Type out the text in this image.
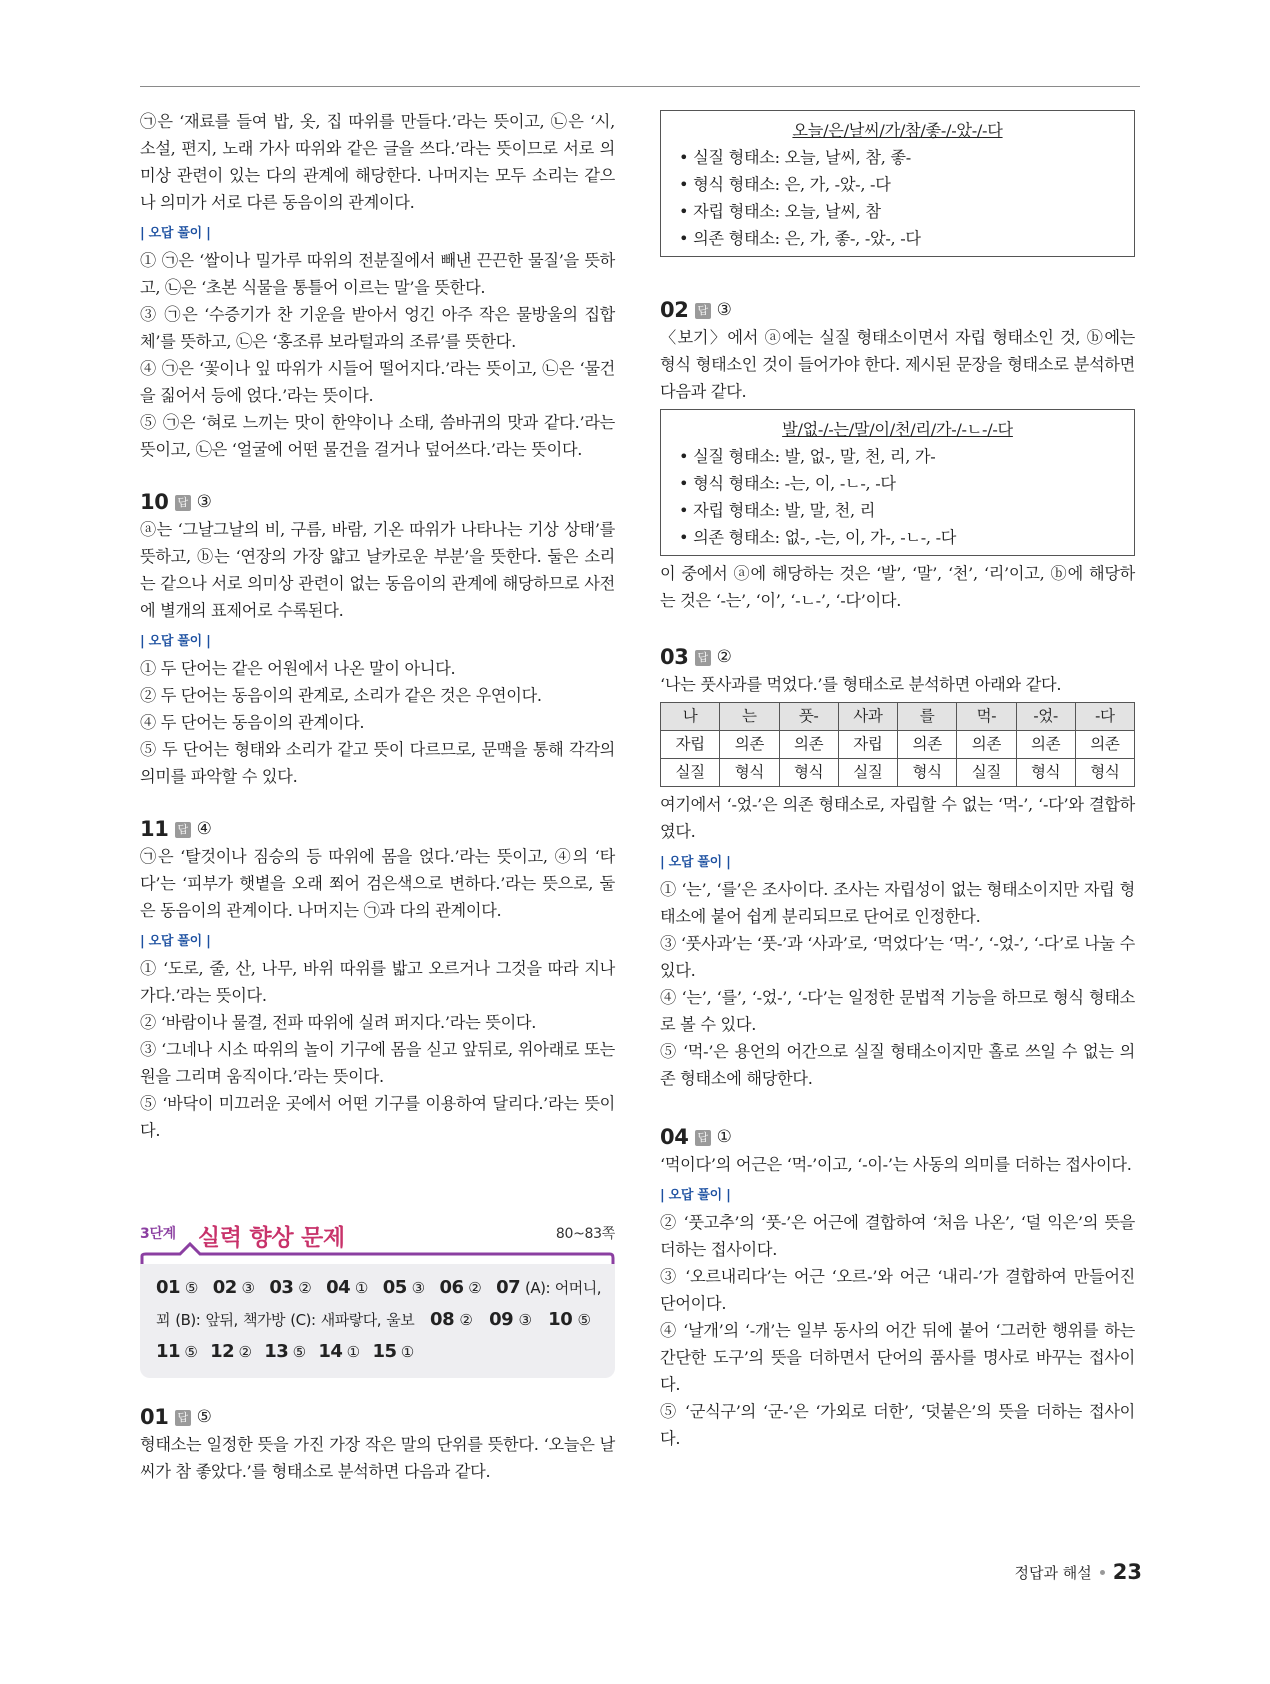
㉠은 ‘재료를 들여 밥, 옷, 집 따위를 만들다.’라는 뜻이고, ㉡은 ‘시, 소설, 편지, 노래 가사 따위와 같은 글을 쓰다.’라는 뜻이므로 서로 의미상 관련이 있는 다의 관계에 해당한다. 나머지는 모두 소리는 같으나 의미가 서로 다른 동음이의 관계이다.

| 오답 풀이 |

① ㉠은 ‘쌀이나 밀가루 따위의 전분질에서 빼낸 끈끈한 물질’을 뜻하고, ㉡은 ‘초본 식물을 통틀어 이르는 말’을 뜻한다.

③ ㉠은 ‘수증기가 찬 기운을 받아서 엉긴 아주 작은 물방울의 집합체’를 뜻하고, ㉡은 ‘홍조류 보라털과의 조류’를 뜻한다.

④ ㉠은 ‘꽃이나 잎 따위가 시들어 떨어지다.’라는 뜻이고, ㉡은 ‘물건을 짊어서 등에 얹다.’라는 뜻이다.

⑤ ㉠은 ‘혀로 느끼는 맛이 한약이나 소태, 씀바귀의 맛과 같다.’라는 뜻이고, ㉡은 ‘얼굴에 어떤 물건을 걸거나 덮어쓰다.’라는 뜻이다.

10 답 ③

ⓐ는 ‘그날그날의 비, 구름, 바람, 기온 따위가 나타나는 기상 상태’를 뜻하고, ⓑ는 ‘연장의 가장 얇고 날카로운 부분’을 뜻한다. 둘은 소리는 같으나 서로 의미상 관련이 없는 동음이의 관계에 해당하므로 사전에 별개의 표제어로 수록된다.

| 오답 풀이 |

① 두 단어는 같은 어원에서 나온 말이 아니다.

② 두 단어는 동음이의 관계로, 소리가 같은 것은 우연이다.

④ 두 단어는 동음이의 관계이다.

⑤ 두 단어는 형태와 소리가 같고 뜻이 다르므로, 문맥을 통해 각각의 의미를 파악할 수 있다.

11 답 ④

㉠은 ‘탈것이나 짐승의 등 따위에 몸을 얹다.’라는 뜻이고, ④의 ‘타다’는 ‘피부가 햇볕을 오래 쬐어 검은색으로 변하다.’라는 뜻으로, 둘은 동음이의 관계이다. 나머지는 ㉠과 다의 관계이다.

| 오답 풀이 |

① ‘도로, 줄, 산, 나무, 바위 따위를 밟고 오르거나 그것을 따라 지나가다.’라는 뜻이다.

② ‘바람이나 물결, 전파 따위에 실려 퍼지다.’라는 뜻이다.

③ ‘그네나 시소 따위의 놀이 기구에 몸을 싣고 앞뒤로, 위아래로 또는 원을 그리며 움직이다.’라는 뜻이다.

⑤ ‘바닥이 미끄러운 곳에서 어떤 기구를 이용하여 달리다.’라는 뜻이다.

3단계 실력 향상 문제	80~83쪽
01 ⑤ 02 ③ 03 ② 04 ① 05 ③ 06 ② 07 (A): 어머니, 꾀 (B): 앞뒤, 책가방 (C): 새파랗다, 울보 08 ② 09 ③ 10 ⑤   11 ⑤ 12 ② 13 ⑤ 14 ① 15 ①
01 답 ⑤

형태소는 일정한 뜻을 가진 가장 작은 말의 단위를 뜻한다. ‘오늘은 날씨가 참 좋았다.’를 형태소로 분석하면 다음과 같다.

오늘/은/날씨/가/참/좋-/-았-/-다
• 실질 형태소: 오늘, 날씨, 참, 좋-
• 형식 형태소: 은, 가, -았-, -다
• 자립 형태소: 오늘, 날씨, 참
• 의존 형태소: 은, 가, 좋-, -았-, -다
02 답 ③

〈보기〉에서 ⓐ에는 실질 형태소이면서 자립 형태소인 것, ⓑ에는 형식 형태소인 것이 들어가야 한다. 제시된 문장을 형태소로 분석하면 다음과 같다.

발/없-/-는/말/이/천/리/가-/-ㄴ-/-다
• 실질 형태소: 발, 없-, 말, 천, 리, 가-
• 형식 형태소: -는, 이, -ㄴ-, -다
• 자립 형태소: 발, 말, 천, 리
• 의존 형태소: 없-, -는, 이, 가-, -ㄴ-, -다

이 중에서 ⓐ에 해당하는 것은 ‘발’, ‘말’, ‘천’, ‘리’이고, ⓑ에 해당하는 것은 ‘-는’, ‘이’, ‘-ㄴ-’, ‘-다’이다.

03 답 ②

‘나는 풋사과를 먹었다.’를 형태소로 분석하면 아래와 같다.

나	는	풋-	사과	를	먹-	-었-	-다
자립	의존	의존	자립	의존	의존	의존	의존
실질	형식	형식	실질	형식	실질	형식	형식

여기에서 ‘-었-’은 의존 형태소로, 자립할 수 없는 ‘먹-’, ‘-다’와 결합하였다.

| 오답 풀이 |

① ‘는’, ‘를’은 조사이다. 조사는 자립성이 없는 형태소이지만 자립 형태소에 붙어 쉽게 분리되므로 단어로 인정한다.

③ ‘풋사과’는 ‘풋-’과 ‘사과’로, ‘먹었다’는 ‘먹-’, ‘-었-’, ‘-다’로 나눌 수 있다.

④ ‘는’, ‘를’, ‘-었-’, ‘-다’는 일정한 문법적 기능을 하므로 형식 형태소로 볼 수 있다.

⑤ ‘먹-’은 용언의 어간으로 실질 형태소이지만 홀로 쓰일 수 없는 의존 형태소에 해당한다.

04 답 ①

‘먹이다’의 어근은 ‘먹-’이고, ‘-이-’는 사동의 의미를 더하는 접사이다.

| 오답 풀이 |

② ‘풋고추’의 ‘풋-’은 어근에 결합하여 ‘처음 나온’, ‘덜 익은’의 뜻을 더하는 접사이다.

③ ‘오르내리다’는 어근 ‘오르-’와 어근 ‘내리-’가 결합하여 만들어진 단어이다.

④ ‘날개’의 ‘-개’는 일부 동사의 어간 뒤에 붙어 ‘그러한 행위를 하는 간단한 도구’의 뜻을 더하면서 단어의 품사를 명사로 바꾸는 접사이다.

⑤ ‘군식구’의 ‘군-’은 ‘가외로 더한’, ‘덧붙은’의 뜻을 더하는 접사이다.

정답과 해설 23
